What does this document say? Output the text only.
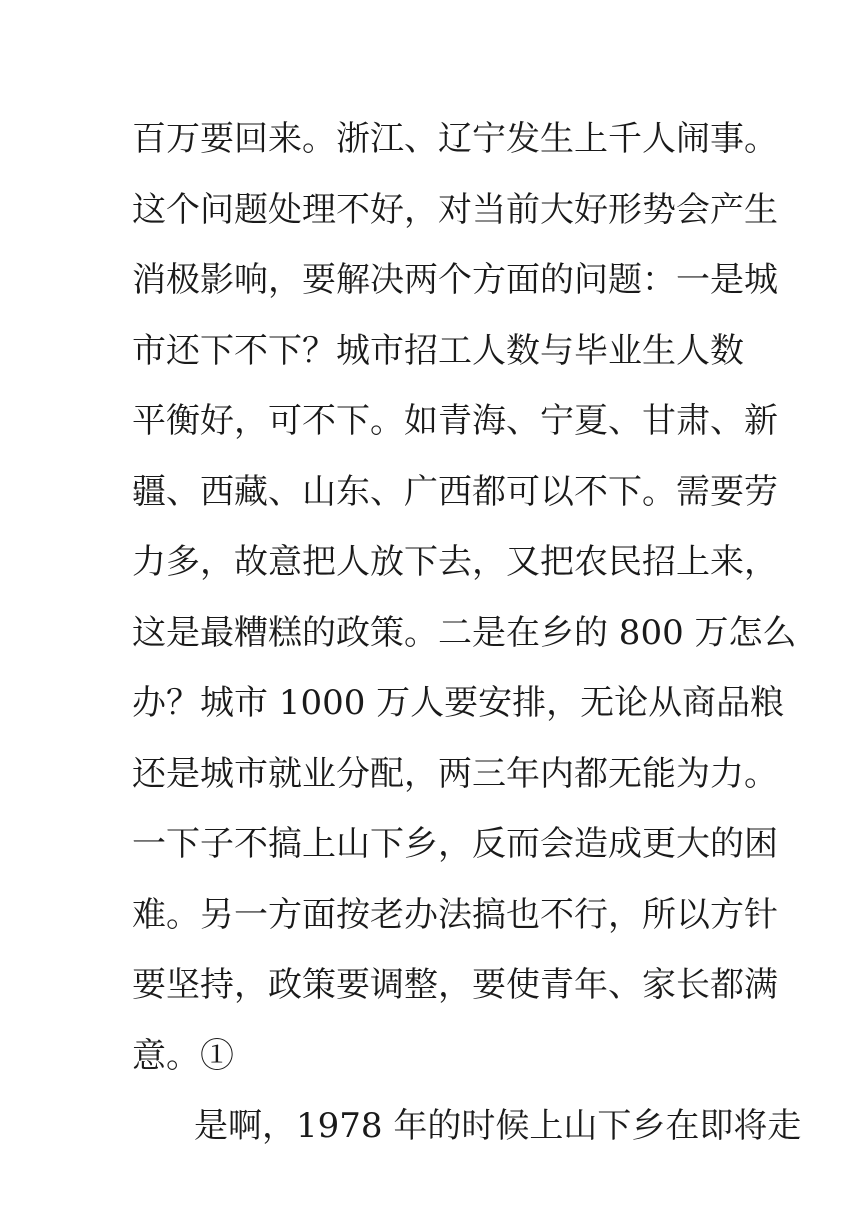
百万要回来。浙江、辽宁发生上千人闹事。
这个问题处理不好，对当前大好形势会产生
消极影响，要解决两个方面的问题：一是城
市还下不下？城市招工人数与毕业生人数
平衡好，可不下。如青海、宁夏、甘肃、新
疆、西藏、山东、广西都可以不下。需要劳
力多，故意把人放下去，又把农民招上来，
这是最糟糕的政策。二是在乡的 800 万怎么
办？城市 1000 万人要安排，无论从商品粮
还是城市就业分配，两三年内都无能为力。
一下子不搞上山下乡，反而会造成更大的困
难。另一方面按老办法搞也不行，所以方针
要坚持，政策要调整，要使青年、家长都满
意。①
是啊，1978 年的时候上山下乡在即将走
